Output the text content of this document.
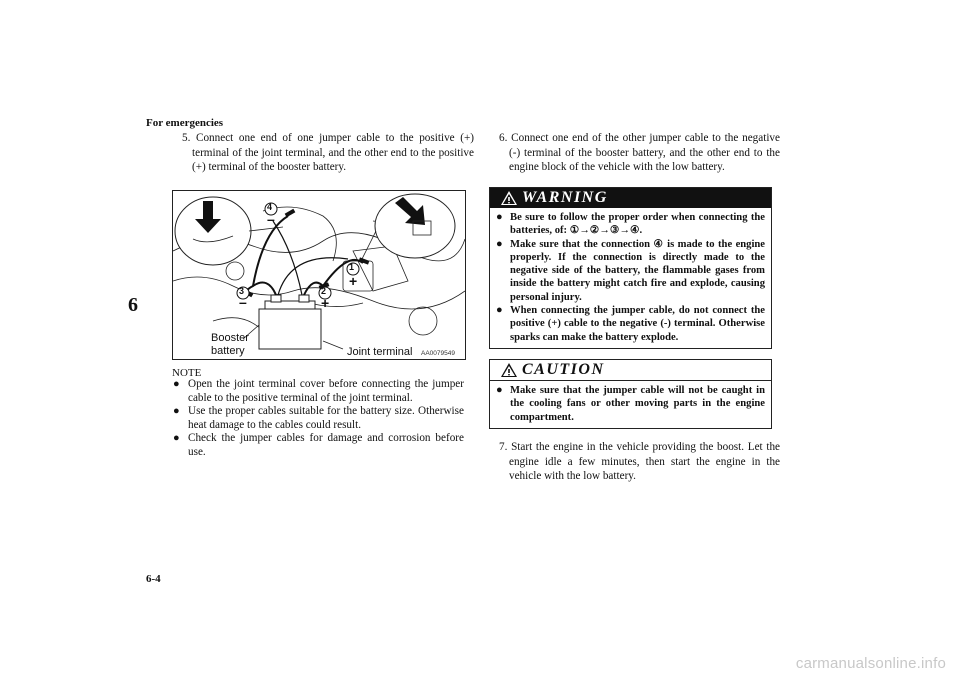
For emergencies
6
6-4
carmanualsonline.info
5. Connect one end of one jumper cable to the positive (+) terminal of the joint terminal, and the other end to the positive (+) terminal of the booster battery.
1
2
3
4
+
+
–
–
Booster
battery	Joint terminal AA0079549
NOTE
● Open the joint terminal cover before connecting the jumper cable to the positive terminal of the joint terminal.
● Use the proper cables suitable for the battery size. Otherwise heat damage to the cables could result.
● Check the jumper cables for damage and corrosion before use.
6. Connect one end of the other jumper cable to the negative (-) terminal of the booster battery, and the other end to the engine block of the vehicle with the low battery.
WARNING
● Be sure to follow the proper order when connecting the batteries, of: ①→②→③→④.
● Make sure that the connection ④ is made to the engine properly. If the connection is directly made to the negative side of the battery, the flammable gases from inside the battery might catch fire and explode, causing personal injury.
● When connecting the jumper cable, do not connect the positive (+) cable to the negative (-) terminal. Otherwise sparks can make the battery explode.
CAUTION
● Make sure that the jumper cable will not be caught in the cooling fans or other moving parts in the engine compartment.
7. Start the engine in the vehicle providing the boost. Let the engine idle a few minutes, then start the engine in the vehicle with the low battery.
